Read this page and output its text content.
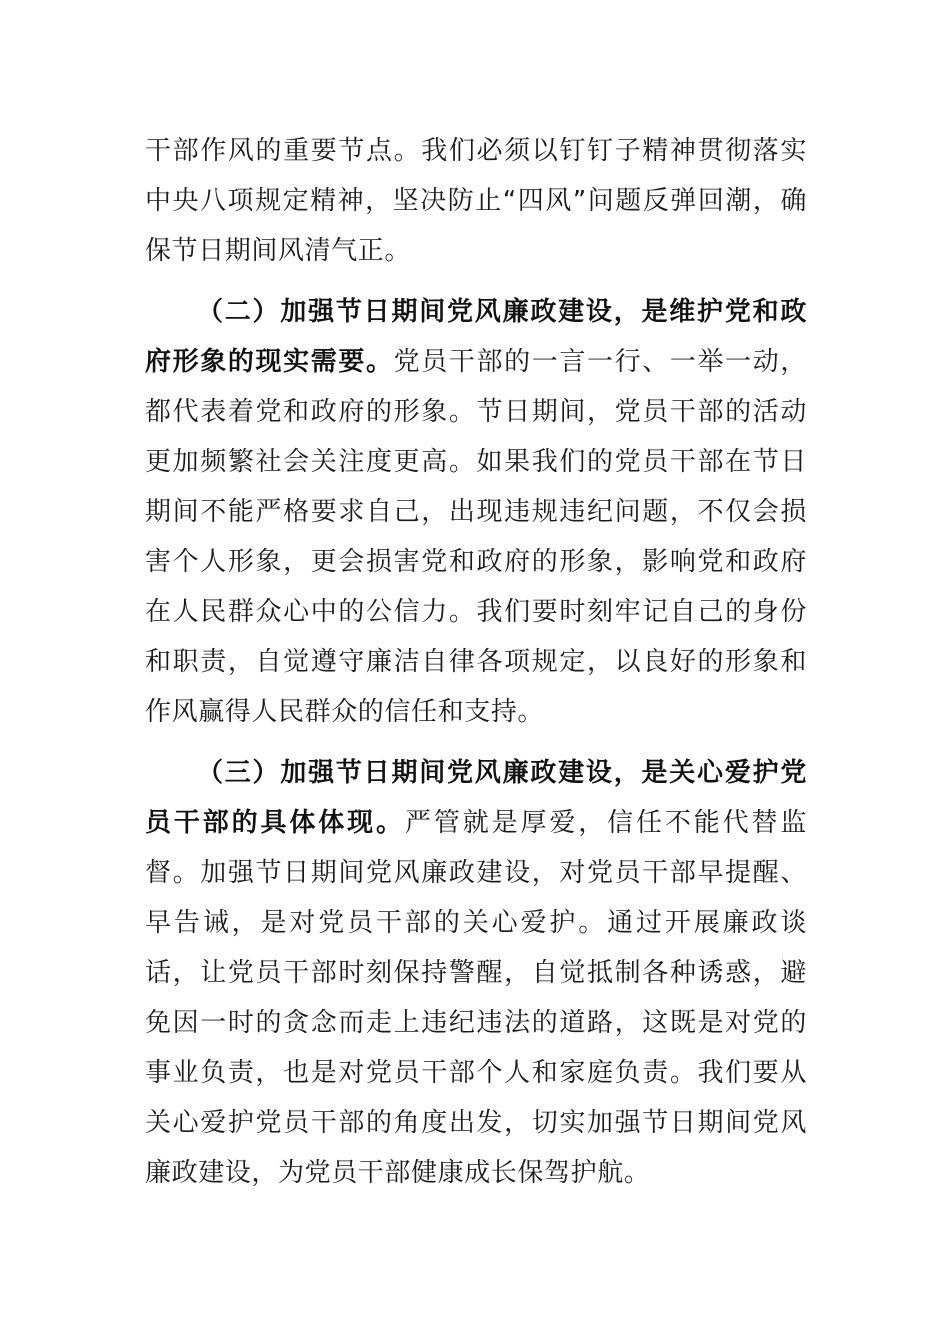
干部作风的重要节点。我们必须以钉钉子精神贯彻落实中央八项规定精神，坚决防止“四风”问题反弹回潮，确保节日期间风清气正。

（二）加强节日期间党风廉政建设，是维护党和政府形象的现实需要。党员干部的一言一行、一举一动，都代表着党和政府的形象。节日期间，党员干部的活动更加频繁社会关注度更高。如果我们的党员干部在节日期间不能严格要求自己，出现违规违纪问题，不仅会损害个人形象，更会损害党和政府的形象，影响党和政府在人民群众心中的公信力。我们要时刻牢记自己的身份和职责，自觉遵守廉洁自律各项规定，以良好的形象和作风赢得人民群众的信任和支持。

（三）加强节日期间党风廉政建设，是关心爱护党员干部的具体体现。严管就是厚爱，信任不能代替监督。加强节日期间党风廉政建设，对党员干部早提醒、早告诫，是对党员干部的关心爱护。通过开展廉政谈话，让党员干部时刻保持警醒，自觉抵制各种诱惑，避免因一时的贪念而走上违纪违法的道路，这既是对党的事业负责，也是对党员干部个人和家庭负责。我们要从关心爱护党员干部的角度出发，切实加强节日期间党风廉政建设，为党员干部健康成长保驾护航。
